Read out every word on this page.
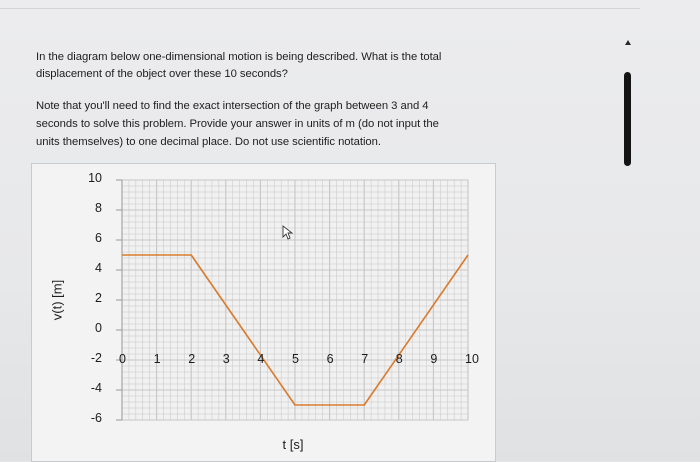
In the diagram below one-dimensional motion is being described. What is the total
displacement of the object over these 10 seconds?
Note that you'll need to find the exact intersection of the graph between 3 and 4
seconds to solve this problem. Provide your answer in units of m (do not input the
units themselves) to one decimal place. Do not use scientific notation.
10
8
6
4
2
0
-2
-4
-6
0 1 2 3 4 5 6 7 8 9 10
v(t) [m]
t [s]
